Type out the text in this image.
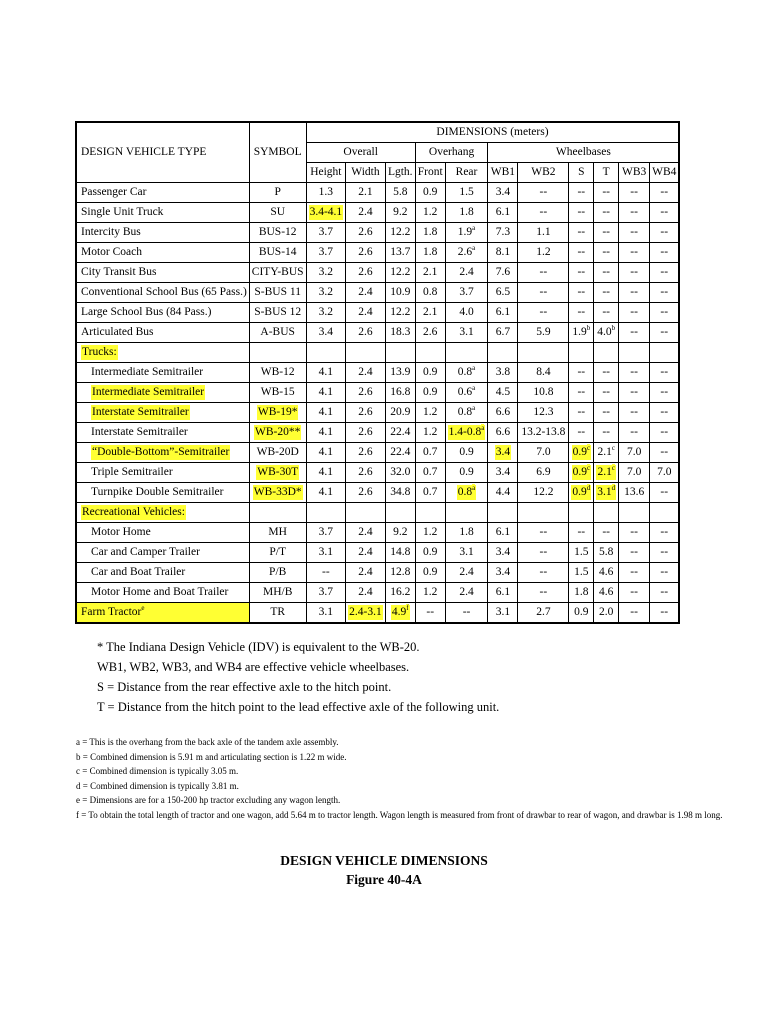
DESIGN VEHICLE TYPE	SYMBOL	DIMENSIONS (meters)										
		Overall			Overhang		Wheelbases					
		Height	Width	Lgth.	Front	Rear	WB1	WB2	S	T	WB3	WB4
Passenger Car	P	1.3	2.1	5.8	0.9	1.5	3.4	--	--	--	--	--
Single Unit Truck	SU	3.4-4.1	2.4	9.2	1.2	1.8	6.1	--	--	--	--	--
Intercity Bus	BUS-12	3.7	2.6	12.2	1.8	1.9$^a$	7.3	1.1	--	--	--	--
Motor Coach	BUS-14	3.7	2.6	13.7	1.8	2.6$^a$	8.1	1.2	--	--	--	--
City Transit Bus	CITY-BUS	3.2	2.6	12.2	2.1	2.4	7.6	--	--	--	--	--
Conventional School Bus (65 Pass.)	S-BUS 11	3.2	2.4	10.9	0.8	3.7	6.5	--	--	--	--	--
Large School Bus (84 Pass.)	S-BUS 12	3.2	2.4	12.2	2.1	4.0	6.1	--	--	--	--	--
Articulated Bus	A-BUS	3.4	2.6	18.3	2.6	3.1	6.7	5.9	1.9$^b$	4.0$^b$	--	--
Trucks:												
Intermediate Semitrailer	WB-12	4.1	2.4	13.9	0.9	0.8$^a$	3.8	8.4	--	--	--	--
Intermediate Semitrailer	WB-15	4.1	2.6	16.8	0.9	0.6$^a$	4.5	10.8	--	--	--	--
Interstate Semitrailer	WB-19*	4.1	2.6	20.9	1.2	0.8$^a$	6.6	12.3	--	--	--	--
Interstate Semitrailer	WB-20**	4.1	2.6	22.4	1.2	1.4-0.8$^a$	6.6	13.2-13.8	--	--	--	--
“Double-Bottom”-Semitrailer	WB-20D	4.1	2.6	22.4	0.7	0.9	3.4	7.0	0.9$^c$	2.1$^c$	7.0	--
Triple Semitrailer	WB-30T	4.1	2.6	32.0	0.7	0.9	3.4	6.9	0.9$^c$	2.1$^c$	7.0	7.0
Turnpike Double Semitrailer	WB-33D*	4.1	2.6	34.8	0.7	0.8$^a$	4.4	12.2	0.9$^d$	3.1$^d$	13.6	--
Recreational Vehicles:												
Motor Home	MH	3.7	2.4	9.2	1.2	1.8	6.1	--	--	--	--	--
Car and Camper Trailer	P/T	3.1	2.4	14.8	0.9	3.1	3.4	--	1.5	5.8	--	--
Car and Boat Trailer	P/B	--	2.4	12.8	0.9	2.4	3.4	--	1.5	4.6	--	--
Motor Home and Boat Trailer	MH/B	3.7	2.4	16.2	1.2	2.4	6.1	--	1.8	4.6	--	--
Farm Tractor$^e$	TR	3.1	2.4-3.1	4.9$^f$	--	--	3.1	2.7	0.9	2.0	--	--
* The Indiana Design Vehicle (IDV) is equivalent to the WB-20.
WB1, WB2, WB3, and WB4 are effective vehicle wheelbases.
S = Distance from the rear effective axle to the hitch point.
T = Distance from the hitch point to the lead effective axle of the following unit.
a = This is the overhang from the back axle of the tandem axle assembly.
b = Combined dimension is 5.91 m and articulating section is 1.22 m wide.
c = Combined dimension is typically 3.05 m.
d = Combined dimension is typically 3.81 m.
e = Dimensions are for a 150-200 hp tractor excluding any wagon length.
f = To obtain the total length of tractor and one wagon, add 5.64 m to tractor length. Wagon length is measured from front of drawbar to rear of wagon, and drawbar is 1.98 m long.
DESIGN VEHICLE DIMENSIONS
Figure 40-4A
